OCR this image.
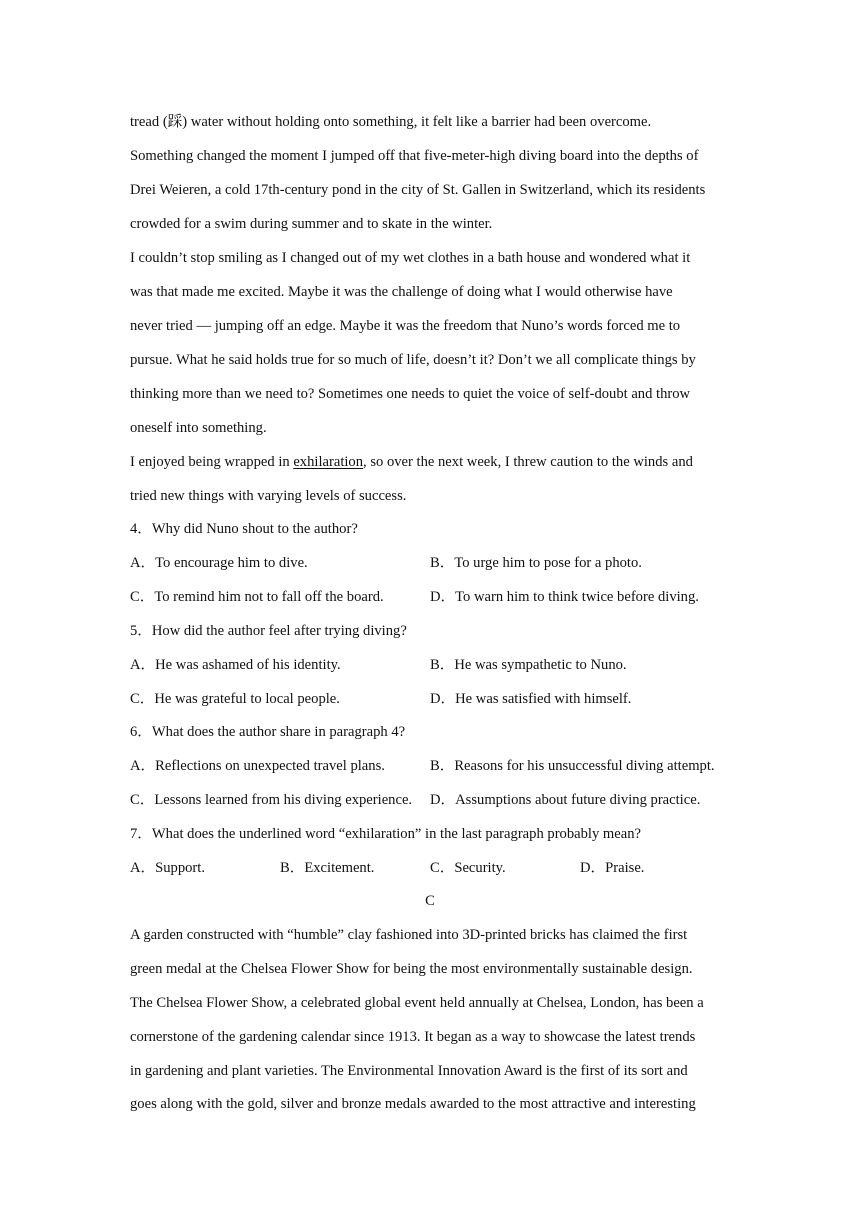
tread (踩) water without holding onto something, it felt like a barrier had been overcome.
Something changed the moment I jumped off that five-meter-high diving board into the depths of
Drei Weieren, a cold 17th-century pond in the city of St. Gallen in Switzerland, which its residents
crowded for a swim during summer and to skate in the winter.
I couldn’t stop smiling as I changed out of my wet clothes in a bath house and wondered what it
was that made me excited. Maybe it was the challenge of doing what I would otherwise have
never tried — jumping off an edge. Maybe it was the freedom that Nuno’s words forced me to
pursue. What he said holds true for so much of life, doesn’t it? Don’t we all complicate things by
thinking more than we need to? Sometimes one needs to quiet the voice of self-doubt and throw
oneself into something.
I enjoyed being wrapped in exhilaration, so over the next week, I threw caution to the winds and
tried new things with varying levels of success.
4．Why did Nuno shout to the author?
A．To encourage him to dive.	B．To urge him to pose for a photo.
C．To remind him not to fall off the board.	D．To warn him to think twice before diving.
5．How did the author feel after trying diving?
A．He was ashamed of his identity.	B．He was sympathetic to Nuno.
C．He was grateful to local people.	D．He was satisfied with himself.
6．What does the author share in paragraph 4?
A．Reflections on unexpected travel plans.	B．Reasons for his unsuccessful diving attempt.
C．Lessons learned from his diving experience. D．Assumptions about future diving practice.
7．What does the underlined word “exhilaration” in the last paragraph probably mean?
A．Support.	B．Excitement.	C．Security.	D．Praise.
C
A garden constructed with “humble” clay fashioned into 3D-printed bricks has claimed the first
green medal at the Chelsea Flower Show for being the most environmentally sustainable design.
The Chelsea Flower Show, a celebrated global event held annually at Chelsea, London, has been a
cornerstone of the gardening calendar since 1913. It began as a way to showcase the latest trends
in gardening and plant varieties. The Environmental Innovation Award is the first of its sort and
goes along with the gold, silver and bronze medals awarded to the most attractive and interesting
